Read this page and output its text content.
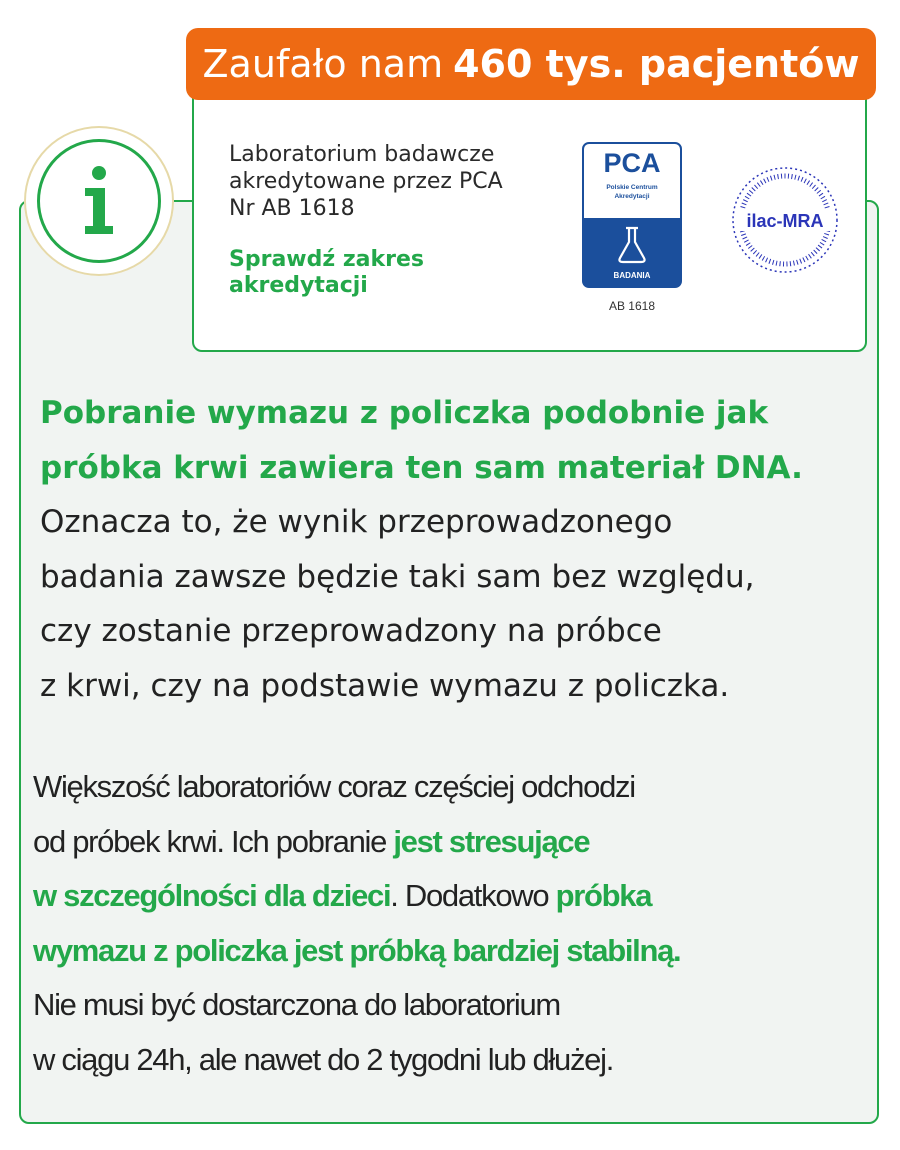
Zaufało nam 460 tys. pacjentów
Laboratorium badawcze
akredytowane przez PCA
Nr AB 1618
Sprawdź zakres
akredytacji
PCA
Polskie Centrum
Akredytacji
BADANIA
AB 1618
ilac-MRA
Pobranie wymazu z policzka podobnie jak
próbka krwi zawiera ten sam materiał DNA.
Oznacza to, że wynik przeprowadzonego
badania zawsze będzie taki sam bez względu,
czy zostanie przeprowadzony na próbce
z krwi, czy na podstawie wymazu z policzka.
Większość laboratoriów coraz częściej odchodzi
od próbek krwi. Ich pobranie jest stresujące
w szczególności dla dzieci. Dodatkowo próbka
wymazu z policzka jest próbką bardziej stabilną.
Nie musi być dostarczona do laboratorium
w ciągu 24h, ale nawet do 2 tygodni lub dłużej.
